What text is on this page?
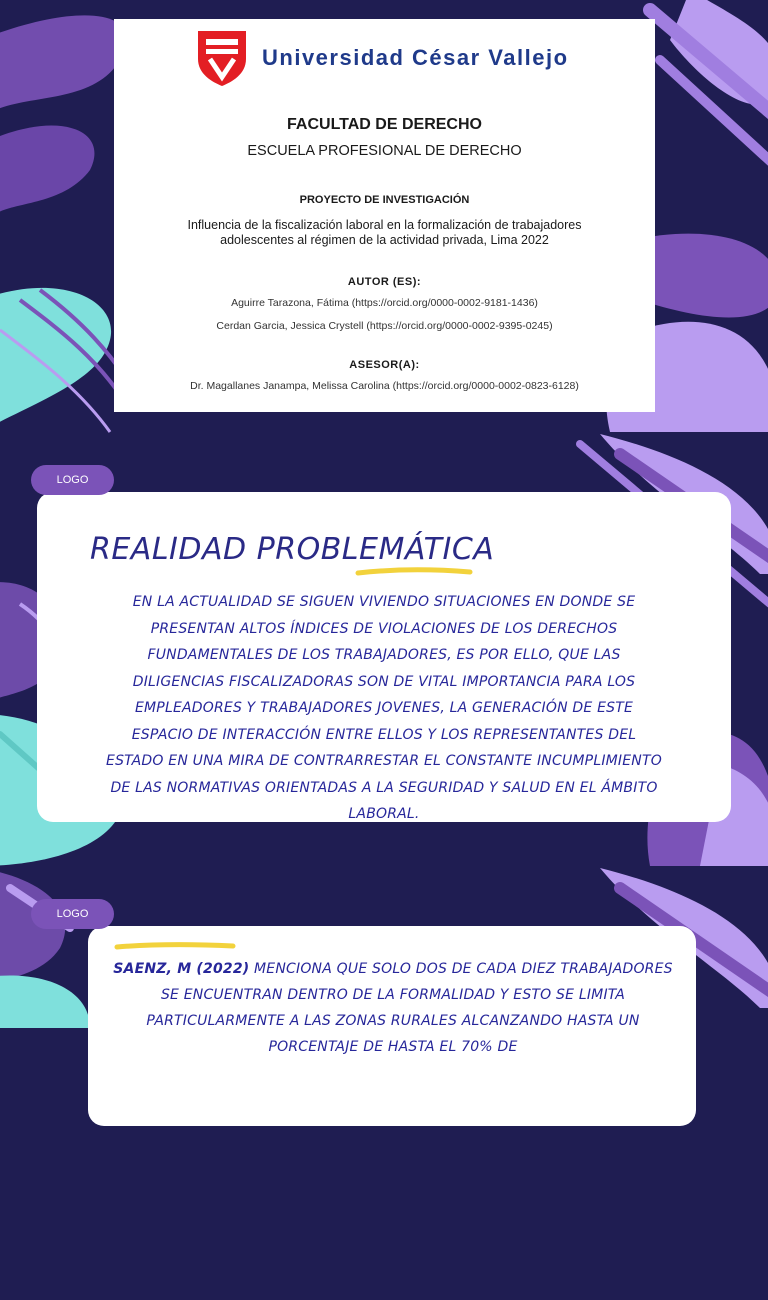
Universidad César Vallejo
FACULTAD DE DERECHO
ESCUELA PROFESIONAL DE DERECHO
PROYECTO DE INVESTIGACIÓN
Influencia de la fiscalización laboral en la formalización de trabajadores adolescentes al régimen de la actividad privada, Lima 2022
AUTOR (ES):
Aguirre Tarazona, Fátima (https://orcid.org/0000-0002-9181-1436)
Cerdan Garcia, Jessica Crystell (https://orcid.org/0000-0002-9395-0245)
ASESOR(A):
Dr. Magallanes Janampa, Melissa Carolina (https://orcid.org/0000-0002-0823-6128)
REALIDAD PROBLEMÁTICA
EN LA ACTUALIDAD SE SIGUEN VIVIENDO SITUACIONES EN DONDE SE PRESENTAN ALTOS ÍNDICES DE VIOLACIONES DE LOS DERECHOS FUNDAMENTALES DE LOS TRABAJADORES, ES POR ELLO, QUE LAS DILIGENCIAS FISCALIZADORAS SON DE VITAL IMPORTANCIA PARA LOS EMPLEADORES Y TRABAJADORES JOVENES, LA GENERACIÓN DE ESTE ESPACIO DE INTERACCIÓN ENTRE ELLOS Y LOS REPRESENTANTES DEL ESTADO EN UNA MIRA DE CONTRARRESTAR EL CONSTANTE INCUMPLIMIENTO DE LAS NORMATIVAS ORIENTADAS A LA SEGURIDAD Y SALUD EN EL ÁMBITO LABORAL.
LOGO
SAENZ, M (2022) MENCIONA QUE SOLO DOS DE CADA DIEZ TRABAJADORES SE ENCUENTRAN DENTRO DE LA FORMALIDAD Y ESTO SE LIMITA PARTICULARMENTE A LAS ZONAS RURALES ALCANZANDO HASTA UN PORCENTAJE DE HASTA EL 70% DE
LOGO
